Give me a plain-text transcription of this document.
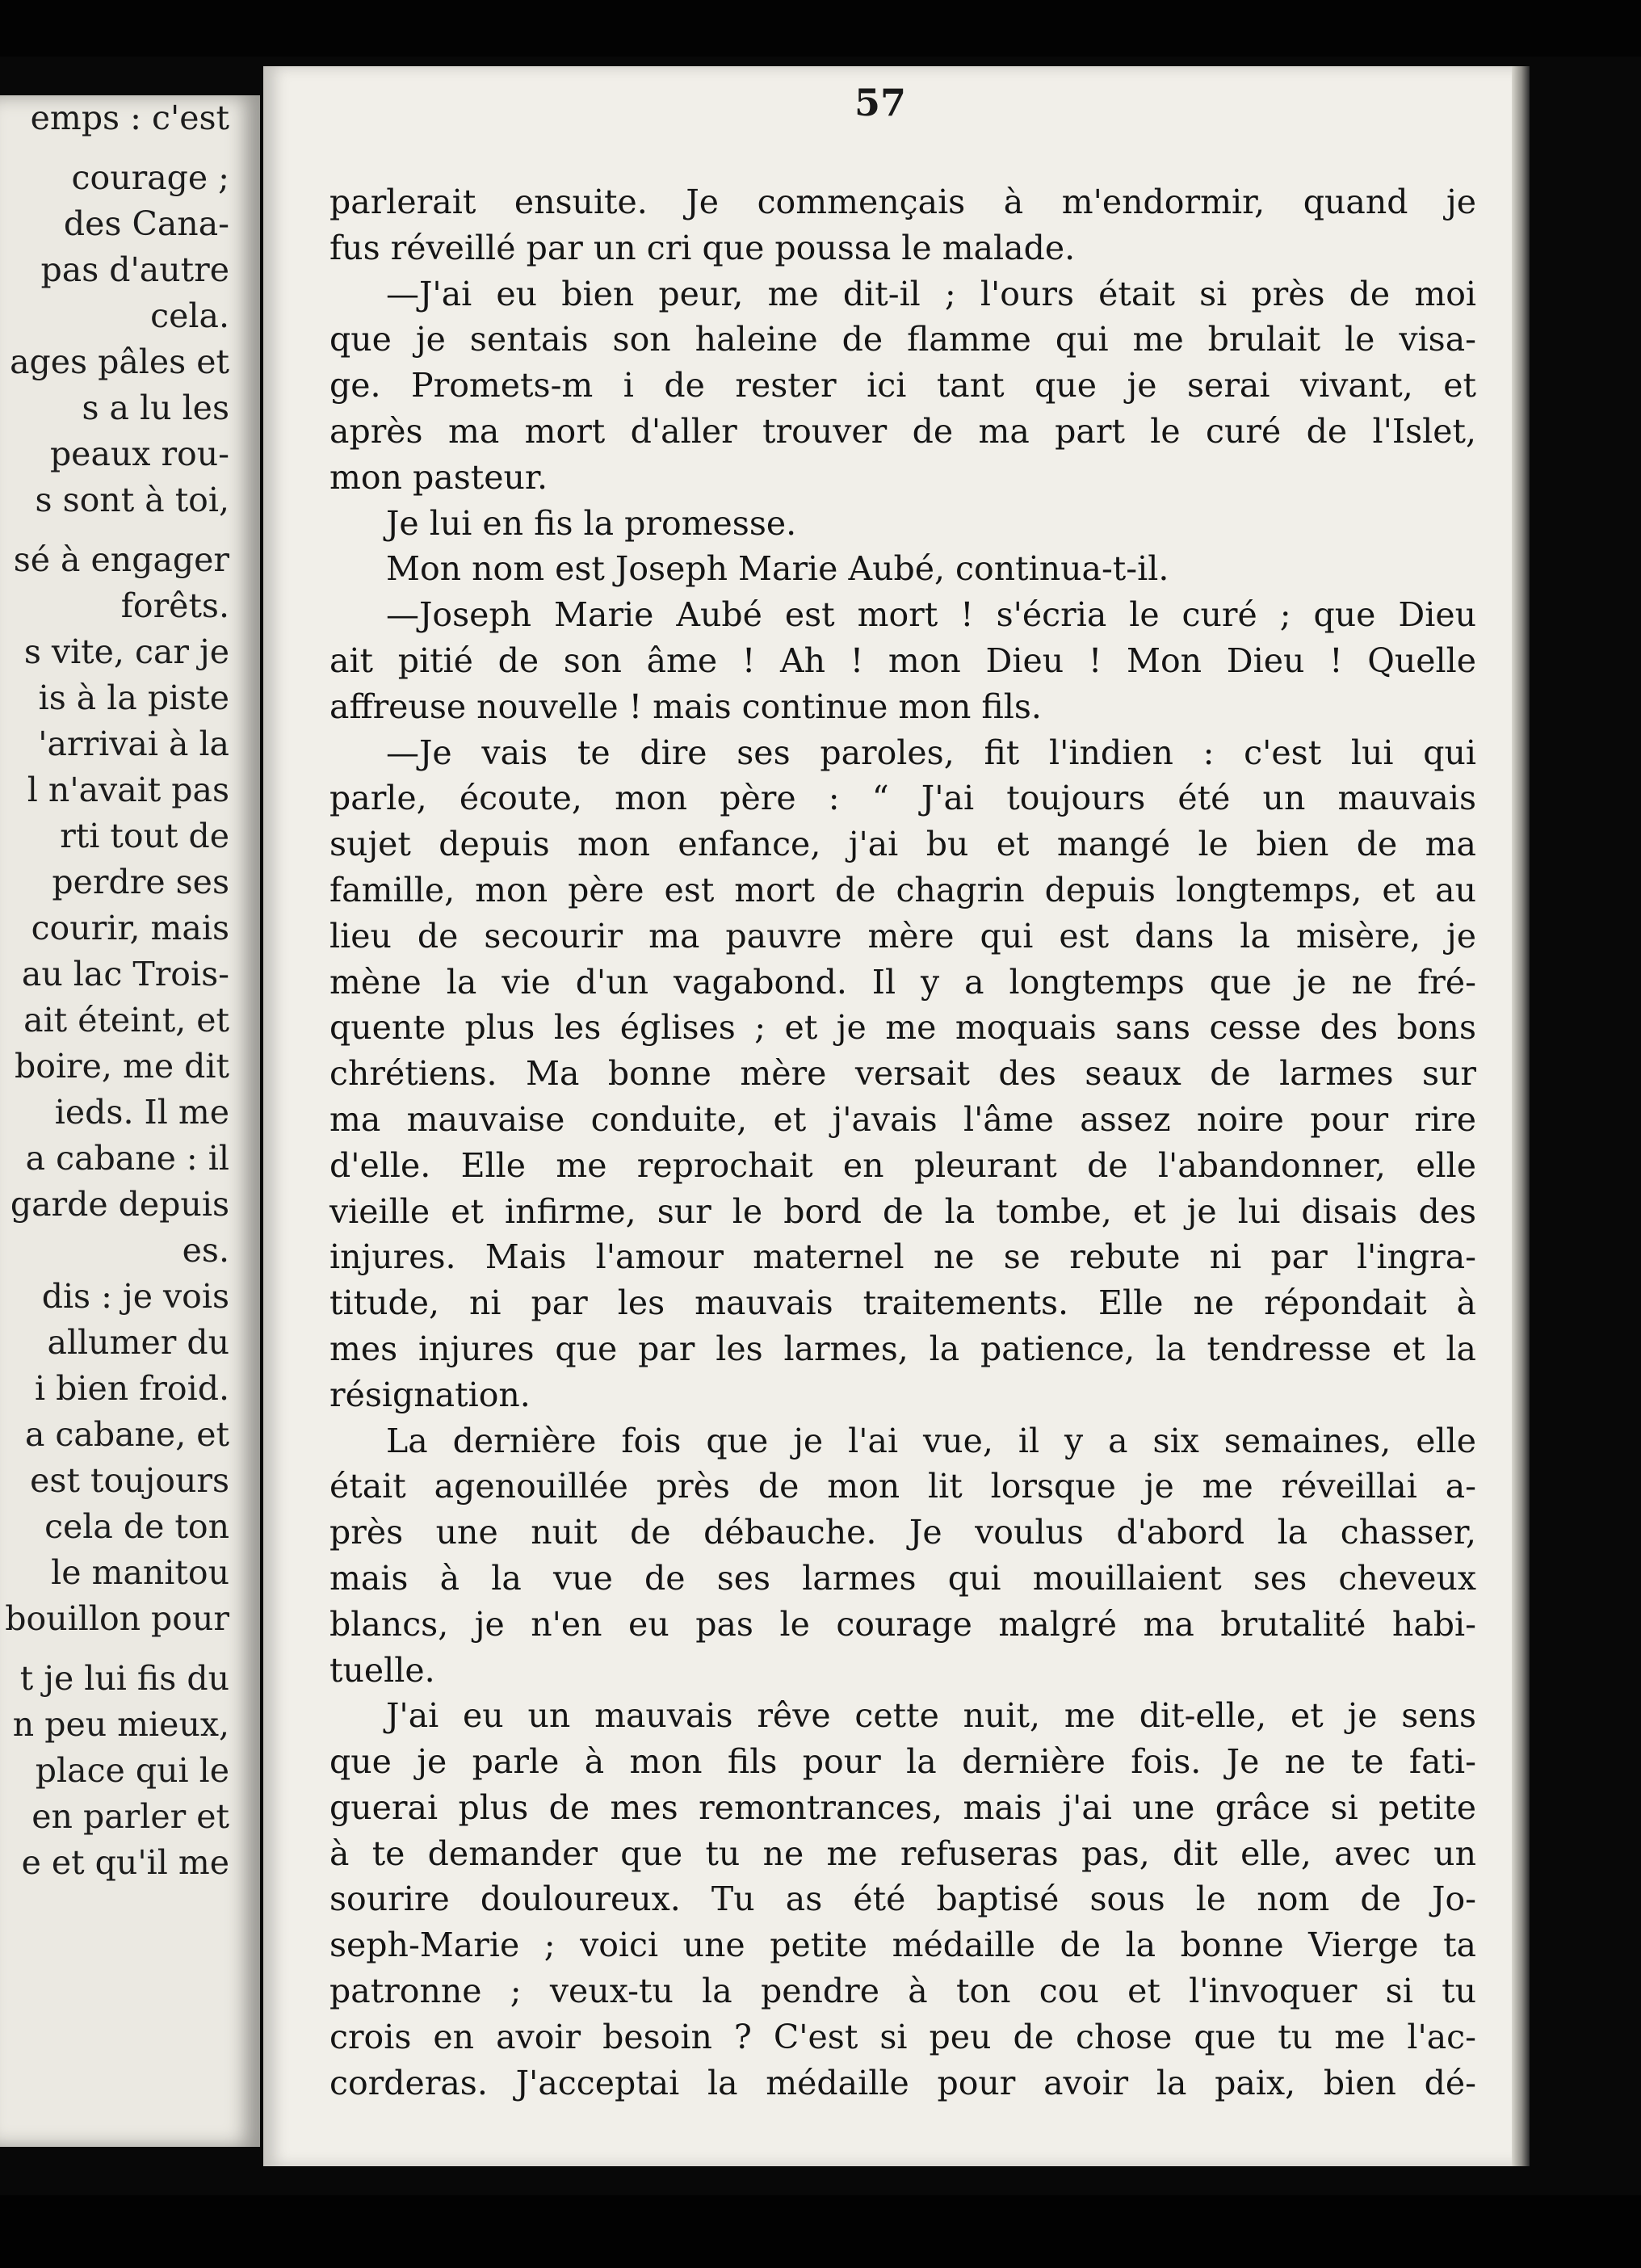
emps : c'est
courage ;
des Cana-
pas d'autre
cela.
ages pâles et
s a lu les
peaux rou-
s sont à toi,
sé à engager
forêts.
s vite, car je
is à la piste
'arrivai à la
l n'avait pas
rti tout de
perdre ses
courir, mais
au lac Trois-
ait éteint, et
boire, me dit
ieds. Il me
a cabane : il
garde depuis
es.
dis : je vois
allumer du
i bien froid.
a cabane, et
est toujours
cela de ton
le manitou
bouillon pour
t je lui fis du
n peu mieux,
place qui le
en parler et
e et qu'il me
57
parlerait ensuite. Je commençais à m'endormir, quand je
fus réveillé par un cri que poussa le malade.
—J'ai eu bien peur, me dit-il ; l'ours était si près de moi
que je sentais son haleine de flamme qui me brulait le visa-
ge. Promets-m i de rester ici tant que je serai vivant, et
après ma mort d'aller trouver de ma part le curé de l'Islet,
mon pasteur.
Je lui en fis la promesse.
Mon nom est Joseph Marie Aubé, continua-t-il.
—Joseph Marie Aubé est mort ! s'écria le curé ; que Dieu
ait pitié de son âme ! Ah ! mon Dieu ! Mon Dieu ! Quelle
affreuse nouvelle ! mais continue mon fils.
—Je vais te dire ses paroles, fit l'indien : c'est lui qui
parle, écoute, mon père : “ J'ai toujours été un mauvais
sujet depuis mon enfance, j'ai bu et mangé le bien de ma
famille, mon père est mort de chagrin depuis longtemps, et au
lieu de secourir ma pauvre mère qui est dans la misère, je
mène la vie d'un vagabond. Il y a longtemps que je ne fré-
quente plus les églises ; et je me moquais sans cesse des bons
chrétiens. Ma bonne mère versait des seaux de larmes sur
ma mauvaise conduite, et j'avais l'âme assez noire pour rire
d'elle. Elle me reprochait en pleurant de l'abandonner, elle
vieille et infirme, sur le bord de la tombe, et je lui disais des
injures. Mais l'amour maternel ne se rebute ni par l'ingra-
titude, ni par les mauvais traitements. Elle ne répondait à
mes injures que par les larmes, la patience, la tendresse et la
résignation.
La dernière fois que je l'ai vue, il y a six semaines, elle
était agenouillée près de mon lit lorsque je me réveillai a-
près une nuit de débauche. Je voulus d'abord la chasser,
mais à la vue de ses larmes qui mouillaient ses cheveux
blancs, je n'en eu pas le courage malgré ma brutalité habi-
tuelle.
J'ai eu un mauvais rêve cette nuit, me dit-elle, et je sens
que je parle à mon fils pour la dernière fois. Je ne te fati-
guerai plus de mes remontrances, mais j'ai une grâce si petite
à te demander que tu ne me refuseras pas, dit elle, avec un
sourire douloureux. Tu as été baptisé sous le nom de Jo-
seph-Marie ; voici une petite médaille de la bonne Vierge ta
patronne ; veux-tu la pendre à ton cou et l'invoquer si tu
crois en avoir besoin ? C'est si peu de chose que tu me l'ac-
corderas. J'acceptai la médaille pour avoir la paix, bien dé-
